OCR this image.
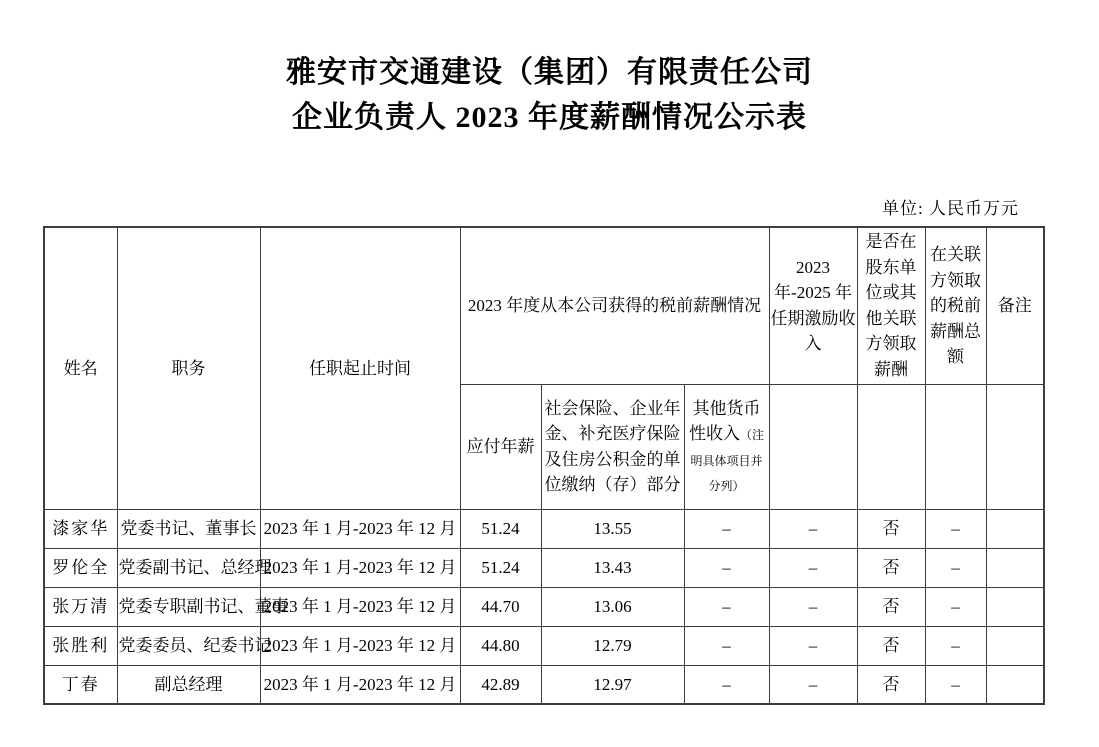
雅安市交通建设（集团）有限责任公司
企业负责人 2023 年度薪酬情况公示表
单位: 人民币万元
姓名	职务	任职起止时间	2023 年度从本公司获得的税前薪酬情况			2023 年-2025 年任期激励收入	是否在股东单位或其他关联方领取薪酬	在关联方领取的税前薪酬总额	备注
			应付年薪	社会保险、企业年金、补充医疗保险及住房公积金的单位缴纳（存）部分	其他货币性收入（注明具体项目并分列）				
漆家华	党委书记、董事长	2023 年 1 月-2023 年 12 月	51.24	13.55	–	–	否	–	
罗伦全	党委副书记、总经理	2023 年 1 月-2023 年 12 月	51.24	13.43	–	–	否	–	
张万清	党委专职副书记、董事	2023 年 1 月-2023 年 12 月	44.70	13.06	–	–	否	–	
张胜利	党委委员、纪委书记	2023 年 1 月-2023 年 12 月	44.80	12.79	–	–	否	–	
丁春	副总经理	2023 年 1 月-2023 年 12 月	42.89	12.97	–	–	否	–	
